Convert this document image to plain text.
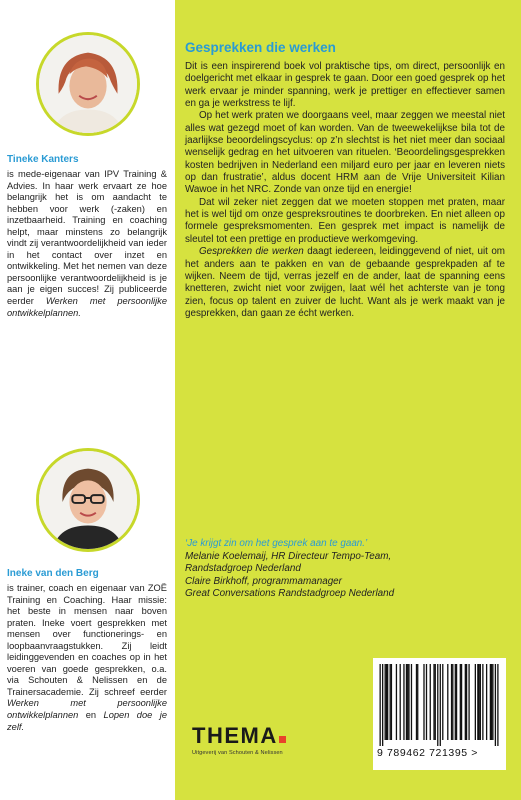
Tineke Kanters

is mede-eigenaar van IPV Training & Advies. In haar werk ervaart ze hoe belangrijk het is om aandacht te hebben voor werk (-zaken) en inzetbaarheid. Training en coaching helpt, maar minstens zo belangrijk vindt zij verantwoordelijkheid van ieder in het contact over inzet en ontwikkeling. Met het nemen van deze persoonlijke verantwoordelijkheid is je aan je eigen succes! Zij publiceerde eerder Werken met persoonlijke ontwikkelplannen.

Ineke van den Berg

is trainer, coach en eigenaar van ZOË Training en Coaching. Haar missie: het beste in mensen naar boven praten. Ineke voert gesprekken met mensen over functionerings- en loopbaanvraagstukken. Zij leidt leidinggevenden en coaches op in het voeren van goede gesprekken, o.a. via Schouten & Nelissen en de Trainersacademie. Zij schreef eerder Werken met persoonlijke ontwikkelplannen en Lopen doe je zelf.

Gesprekken die werken

Dit is een inspirerend boek vol praktische tips, om direct, persoonlijk en doelgericht met elkaar in gesprek te gaan. Door een goed gesprek op het werk ervaar je minder spanning, werk je prettiger en effectiever samen en ga je werkstress te lijf.

Op het werk praten we doorgaans veel, maar zeggen we meestal niet alles wat gezegd moet of kan worden. Van de tweewekelijkse bila tot de jaarlijkse beoordelingscyclus: op z’n slechtst is het niet meer dan sociaal wenselijk gedrag en het uitvoeren van rituelen. ‘Beoordelingsgesprekken kosten bedrijven in Nederland een miljard euro per jaar en leveren niets op dan frustratie’, aldus docent HRM aan de Vrije Universiteit Kilian Wawoe in het NRC. Zonde van onze tijd en energie!

Dat wil zeker niet zeggen dat we moeten stoppen met praten, maar het is wel tijd om onze gespreksroutines te doorbreken. En niet alleen op formele gespreksmomenten. Een gesprek met impact is namelijk de sleutel tot een prettige en productieve werkomgeving.

Gesprekken die werken daagt iedereen, leidinggevend of niet, uit om het anders aan te pakken en van de gebaande gesprekpaden af te wijken. Neem de tijd, verras jezelf en de ander, laat de spanning eens knetteren, zwicht niet voor zwijgen, laat wél het achterste van je tong zien, focus op talent en zuiver de lucht. Want als je werk maakt van je gesprekken, dan gaan ze écht werken.

‘Je krijgt zin om het gesprek aan te gaan.’

Melanie Koelemaij, HR Directeur Tempo-Team,

Randstadgroep Nederland

Claire Birkhoff, programmamanager

Great Conversations Randstadgroep Nederland

THEMA
Uitgeverij van Schouten & Nelissen	9 789462 721395 >
